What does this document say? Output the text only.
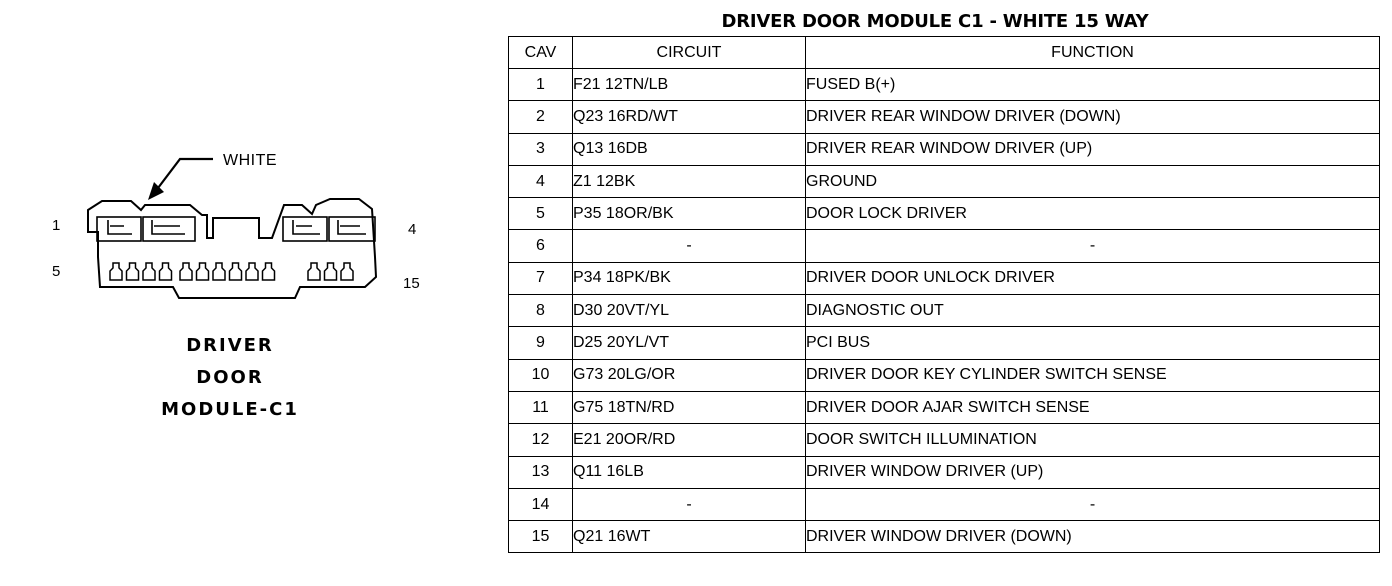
WHITE
1	4
5
15
DRIVER
DOOR
MODULE-C1
DRIVER DOOR MODULE C1 - WHITE 15 WAY
CAV	CIRCUIT	FUNCTION
1	F21 12TN/LB	FUSED B(+)
2	Q23 16RD/WT	DRIVER REAR WINDOW DRIVER (DOWN)
3	Q13 16DB	DRIVER REAR WINDOW DRIVER (UP)
4	Z1 12BK	GROUND
5	P35 18OR/BK	DOOR LOCK DRIVER
6	-	-
7	P34 18PK/BK	DRIVER DOOR UNLOCK DRIVER
8	D30 20VT/YL	DIAGNOSTIC OUT
9	D25 20YL/VT	PCI BUS
10	G73 20LG/OR	DRIVER DOOR KEY CYLINDER SWITCH SENSE
11	G75 18TN/RD	DRIVER DOOR AJAR SWITCH SENSE
12	E21 20OR/RD	DOOR SWITCH ILLUMINATION
13	Q11 16LB	DRIVER WINDOW DRIVER (UP)
14	-	-
15	Q21 16WT	DRIVER WINDOW DRIVER (DOWN)
